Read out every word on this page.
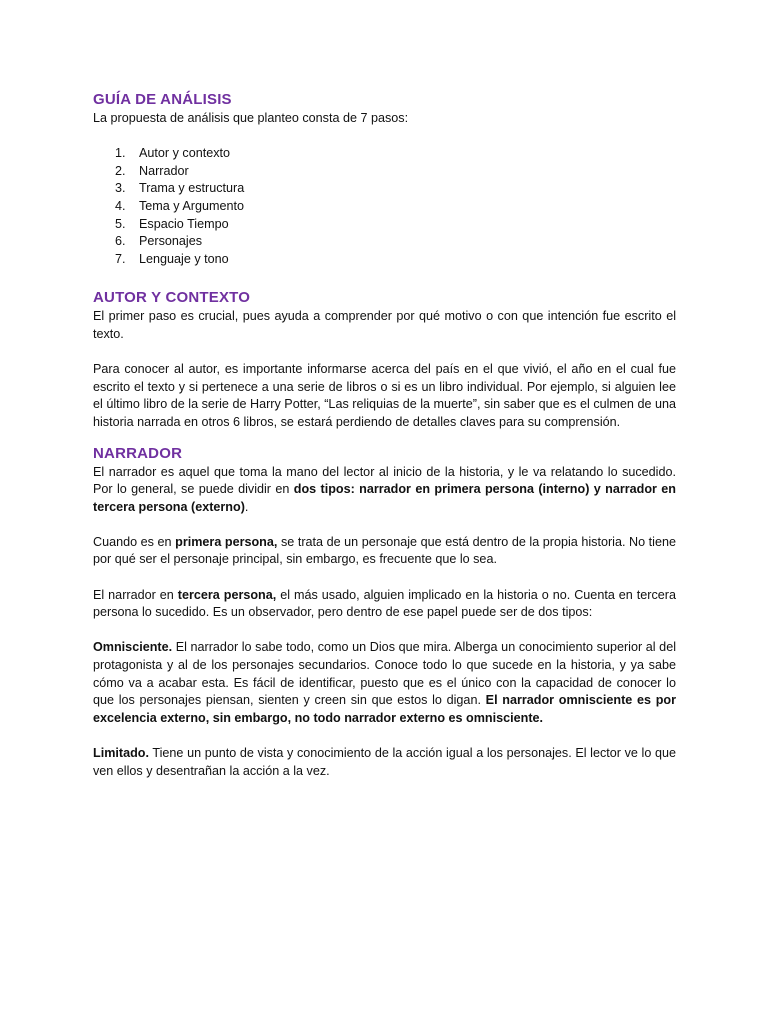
GUÍA DE ANÁLISIS

La propuesta de análisis que planteo consta de 7 pasos:

1.	Autor y contexto
2.	Narrador
3.	Trama y estructura
4.	Tema y Argumento
5.	Espacio Tiempo
6.	Personajes
7.	Lenguaje y tono
AUTOR Y CONTEXTO

El primer paso es crucial, pues ayuda a comprender por qué motivo o con que intención fue escrito el texto.

Para conocer al autor, es importante informarse acerca del país en el que vivió, el año en el cual fue escrito el texto y si pertenece a una serie de libros o si es un libro individual. Por ejemplo, si alguien lee el último libro de la serie de Harry Potter, “Las reliquias de la muerte”, sin saber que es el culmen de una historia narrada en otros 6 libros, se estará perdiendo de detalles claves para su comprensión.

NARRADOR

El narrador es aquel que toma la mano del lector al inicio de la historia, y le va relatando lo sucedido. Por lo general, se puede dividir en dos tipos: narrador en primera persona (interno) y narrador en tercera persona (externo).

Cuando es en primera persona, se trata de un personaje que está dentro de la propia historia. No tiene por qué ser el personaje principal, sin embargo, es frecuente que lo sea.

El narrador en tercera persona, el más usado, alguien implicado en la historia o no. Cuenta en tercera persona lo sucedido. Es un observador, pero dentro de ese papel puede ser de dos tipos:

Omnisciente. El narrador lo sabe todo, como un Dios que mira. Alberga un conocimiento superior al del protagonista y al de los personajes secundarios. Conoce todo lo que sucede en la historia, y ya sabe cómo va a acabar esta. Es fácil de identificar, puesto que es el único con la capacidad de conocer lo que los personajes piensan, sienten y creen sin que estos lo digan. El narrador omnisciente es por excelencia externo, sin embargo, no todo narrador externo es omnisciente.

Limitado. Tiene un punto de vista y conocimiento de la acción igual a los personajes. El lector ve lo que ven ellos y desentrañan la acción a la vez.
